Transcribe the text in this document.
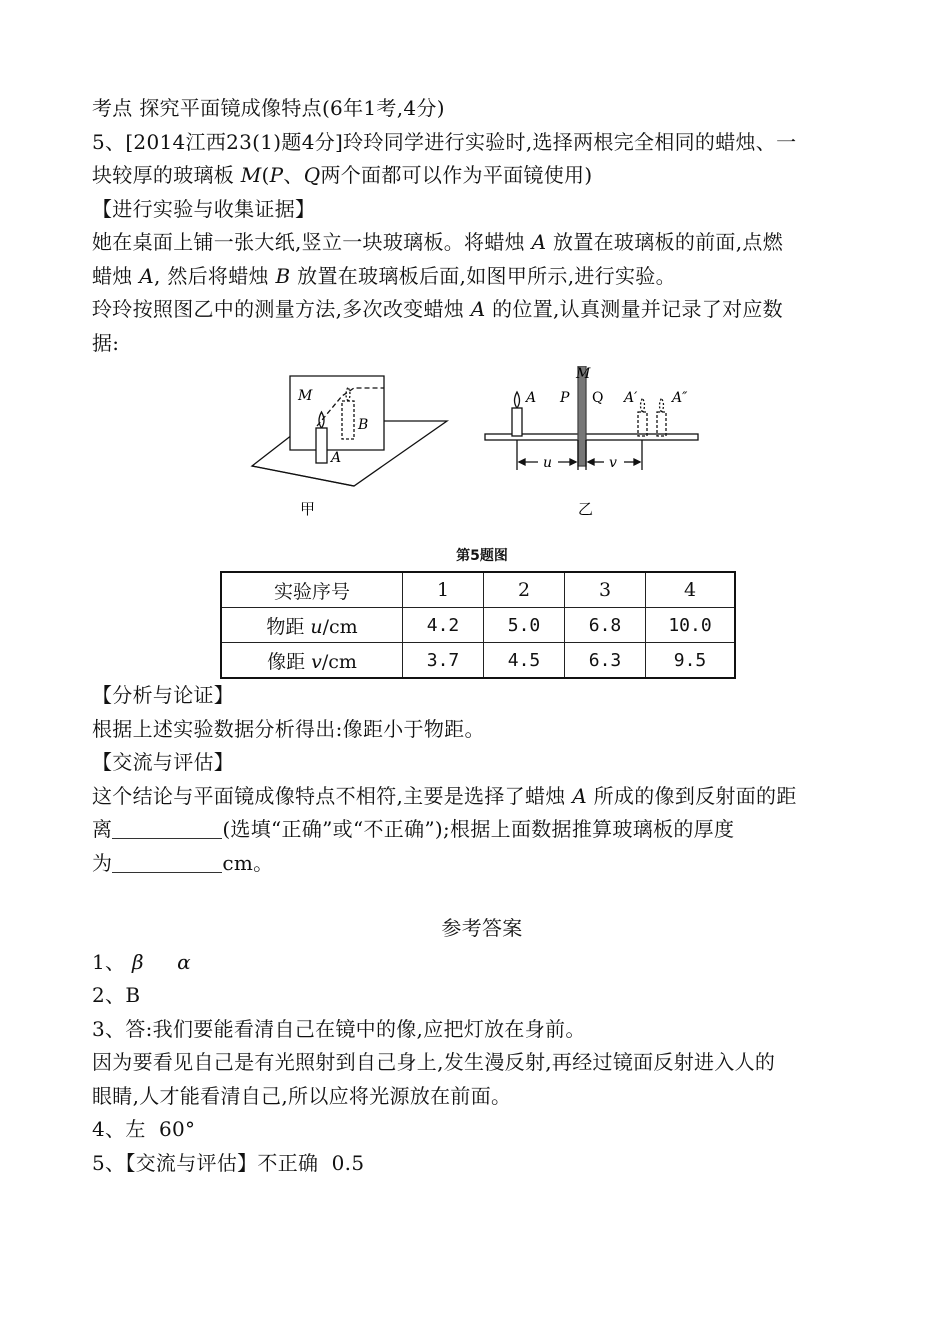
考点 探究平面镜成像特点(6年1考,4分)
5、[2014江西23(1)题4分]玲玲同学进行实验时,选择两根完全相同的蜡烛、一
块较厚的玻璃板 M(P、Q两个面都可以作为平面镜使用)
【进行实验与收集证据】
她在桌面上铺一张大纸,竖立一块玻璃板。将蜡烛 A 放置在玻璃板的前面,点燃
蜡烛 A, 然后将蜡烛 B 放置在玻璃板后面,如图甲所示,进行实验。
玲玲按照图乙中的测量方法,多次改变蜡烛 A 的位置,认真测量并记录了对应数
据:
M
B
A
甲
M
P Q
A	A′ A″
u	v
乙
第5题图
实验序号	1	2	3	4
物距 u/cm	4.2	5.0	6.8	10.0
像距 v/cm	3.7	4.5	6.3	9.5
【分析与论证】
根据上述实验数据分析得出:像距小于物距。
【交流与评估】
这个结论与平面镜成像特点不相符,主要是选择了蜡烛 A 所成的像到反射面的距
离	(选填“正确”或“不正确”);根据上面数据推算玻璃板的厚度
为	cm。
参考答案
1、 β α
2、B
3、答:我们要能看清自己在镜中的像,应把灯放在身前。
因为要看见自己是有光照射到自己身上,发生漫反射,再经过镜面反射进入人的
眼睛,人才能看清自己,所以应将光源放在前面。
4、左  60°
5、【交流与评估】不正确  0.5
